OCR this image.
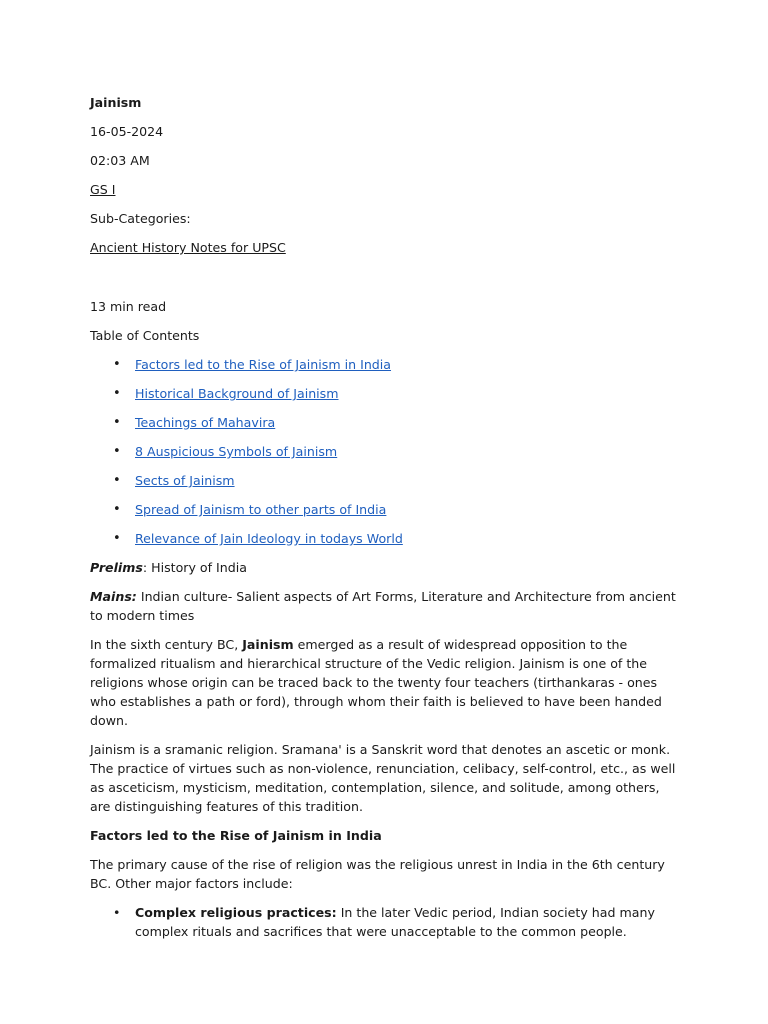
Jainism

16-05-2024

02:03 AM

GS I

Sub-Categories:

Ancient History Notes for UPSC

13 min read

Table of Contents

• Factors led to the Rise of Jainism in India
• Historical Background of Jainism
• Teachings of Mahavira
• 8 Auspicious Symbols of Jainism
• Sects of Jainism
• Spread of Jainism to other parts of India
• Relevance of Jain Ideology in todays World

Prelims: History of India

Mains: Indian culture- Salient aspects of Art Forms, Literature and Architecture from ancient to modern times

In the sixth century BC, Jainism emerged as a result of widespread opposition to the formalized ritualism and hierarchical structure of the Vedic religion. Jainism is one of the religions whose origin can be traced back to the twenty four teachers (tirthankaras - ones who establishes a path or ford), through whom their faith is believed to have been handed down.

Jainism is a sramanic religion. Sramana' is a Sanskrit word that denotes an ascetic or monk. The practice of virtues such as non-violence, renunciation, celibacy, self-control, etc., as well as asceticism, mysticism, meditation, contemplation, silence, and solitude, among others, are distinguishing features of this tradition.

Factors led to the Rise of Jainism in India

The primary cause of the rise of religion was the religious unrest in India in the 6th century BC. Other major factors include:

• Complex religious practices: In the later Vedic period, Indian society had many complex rituals and sacrifices that were unacceptable to the common people.
